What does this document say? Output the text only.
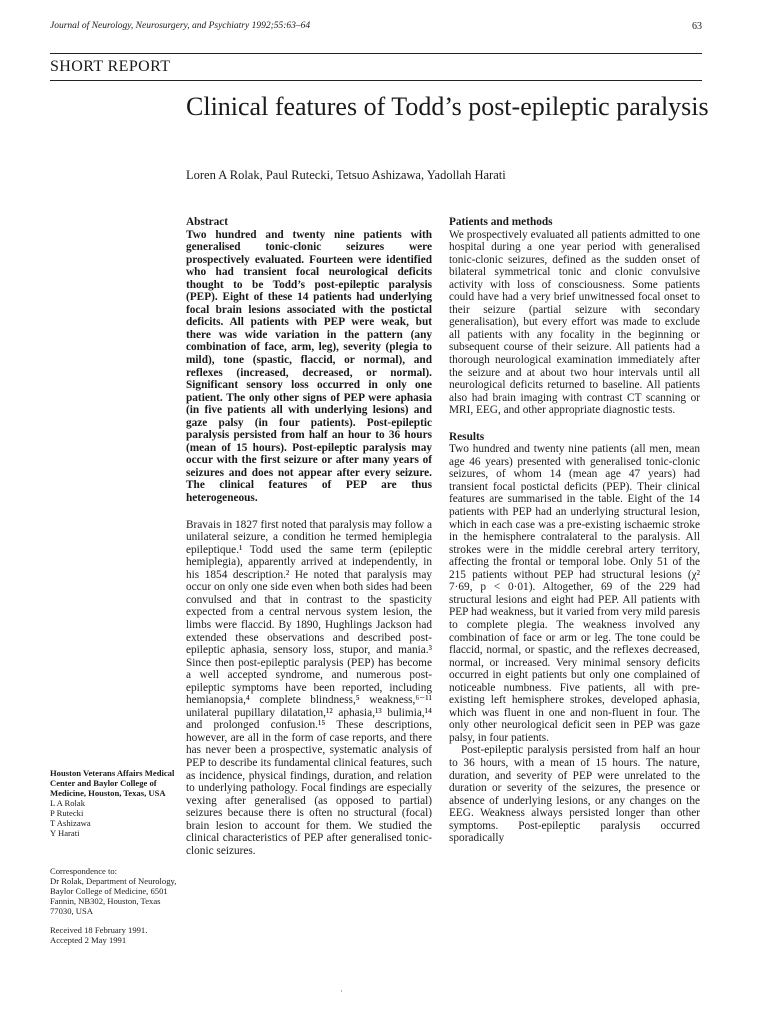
Journal of Neurology, Neurosurgery, and Psychiatry 1992;55:63–64	63
SHORT REPORT
Clinical features of Todd’s post-epileptic paralysis
Loren A Rolak, Paul Rutecki, Tetsuo Ashizawa, Yadollah Harati

Abstract

Two hundred and twenty nine patients with generalised tonic-clonic seizures were prospectively evaluated. Fourteen were identified who had transient focal neurological deficits thought to be Todd’s post-epileptic paralysis (PEP). Eight of these 14 patients had underlying focal brain lesions associated with the postictal deficits. All patients with PEP were weak, but there was wide variation in the pattern (any combination of face, arm, leg), severity (plegia to mild), tone (spastic, flaccid, or normal), and reflexes (increased, decreased, or normal). Significant sensory loss occurred in only one patient. The only other signs of PEP were aphasia (in five patients all with underlying lesions) and gaze palsy (in four patients). Post-epileptic paralysis persisted from half an hour to 36 hours (mean of 15 hours). Post-epileptic paralysis may occur with the first seizure or after many years of seizures and does not appear after every seizure. The clinical features of PEP are thus heterogeneous.

Bravais in 1827 first noted that paralysis may follow a unilateral seizure, a condition he termed hemiplegia epileptique.¹ Todd used the same term (epileptic hemiplegia), apparently arrived at independently, in his 1854 description.² He noted that paralysis may occur on only one side even when both sides had been convulsed and that in contrast to the spasticity expected from a central nervous system lesion, the limbs were flaccid. By 1890, Hughlings Jackson had extended these observations and described post-epileptic aphasia, sensory loss, stupor, and mania.³ Since then post-epileptic paralysis (PEP) has become a well accepted syndrome, and numerous post-epileptic symptoms have been reported, including hemianopsia,⁴ complete blindness,⁵ weakness,⁶⁻¹¹ unilateral pupillary dilatation,¹² aphasia,¹³ bulimia,¹⁴ and prolonged confusion.¹⁵ These descriptions, however, are all in the form of case reports, and there has never been a prospective, systematic analysis of PEP to describe its fundamental clinical features, such as incidence, physical findings, duration, and relation to underlying pathology. Focal findings are especially vexing after generalised (as opposed to partial) seizures because there is often no structural (focal) brain lesion to account for them. We studied the clinical characteristics of PEP after generalised tonic-clonic seizures.

Patients and methods

We prospectively evaluated all patients admitted to one hospital during a one year period with generalised tonic-clonic seizures, defined as the sudden onset of bilateral symmetrical tonic and clonic convulsive activity with loss of consciousness. Some patients could have had a very brief unwitnessed focal onset to their seizure (partial seizure with secondary generalisation), but every effort was made to exclude all patients with any focality in the beginning or subsequent course of their seizure. All patients had a thorough neurological examination immediately after the seizure and at about two hour intervals until all neurological deficits returned to baseline. All patients also had brain imaging with contrast CT scanning or MRI, EEG, and other appropriate diagnostic tests.

Results

Two hundred and twenty nine patients (all men, mean age 46 years) presented with generalised tonic-clonic seizures, of whom 14 (mean age 47 years) had transient focal postictal deficits (PEP). Their clinical features are summarised in the table. Eight of the 14 patients with PEP had an underlying structural lesion, which in each case was a pre-existing ischaemic stroke in the hemisphere contralateral to the paralysis. All strokes were in the middle cerebral artery territory, affecting the frontal or temporal lobe. Only 51 of the 215 patients without PEP had structural lesions (χ² 7·69, p < 0·01). Altogether, 69 of the 229 had structural lesions and eight had PEP. All patients with PEP had weakness, but it varied from very mild paresis to complete plegia. The weakness involved any combination of face or arm or leg. The tone could be flaccid, normal, or spastic, and the reflexes decreased, normal, or increased. Very minimal sensory deficits occurred in eight patients but only one complained of noticeable numbness. Five patients, all with pre-existing left hemisphere strokes, developed aphasia, which was fluent in one and non-fluent in four. The only other neurological deficit seen in PEP was gaze palsy, in four patients.

Post-epileptic paralysis persisted from half an hour to 36 hours, with a mean of 15 hours. The nature, duration, and severity of PEP were unrelated to the duration or severity of the seizures, the presence or absence of underlying lesions, or any changes on the EEG. Weakness always persisted longer than other symptoms. Post-epileptic paralysis occurred sporadically

Houston Veterans Affairs Medical Center and Baylor College of Medicine, Houston, Texas, USA

L A Rolak

P Rutecki

T Ashizawa

Y Harati

Correspondence to:

Dr Rolak, Department of Neurology, Baylor College of Medicine, 6501 Fannin, NB302, Houston, Texas 77030, USA

Received 18 February 1991.

Accepted 2 May 1991

·
